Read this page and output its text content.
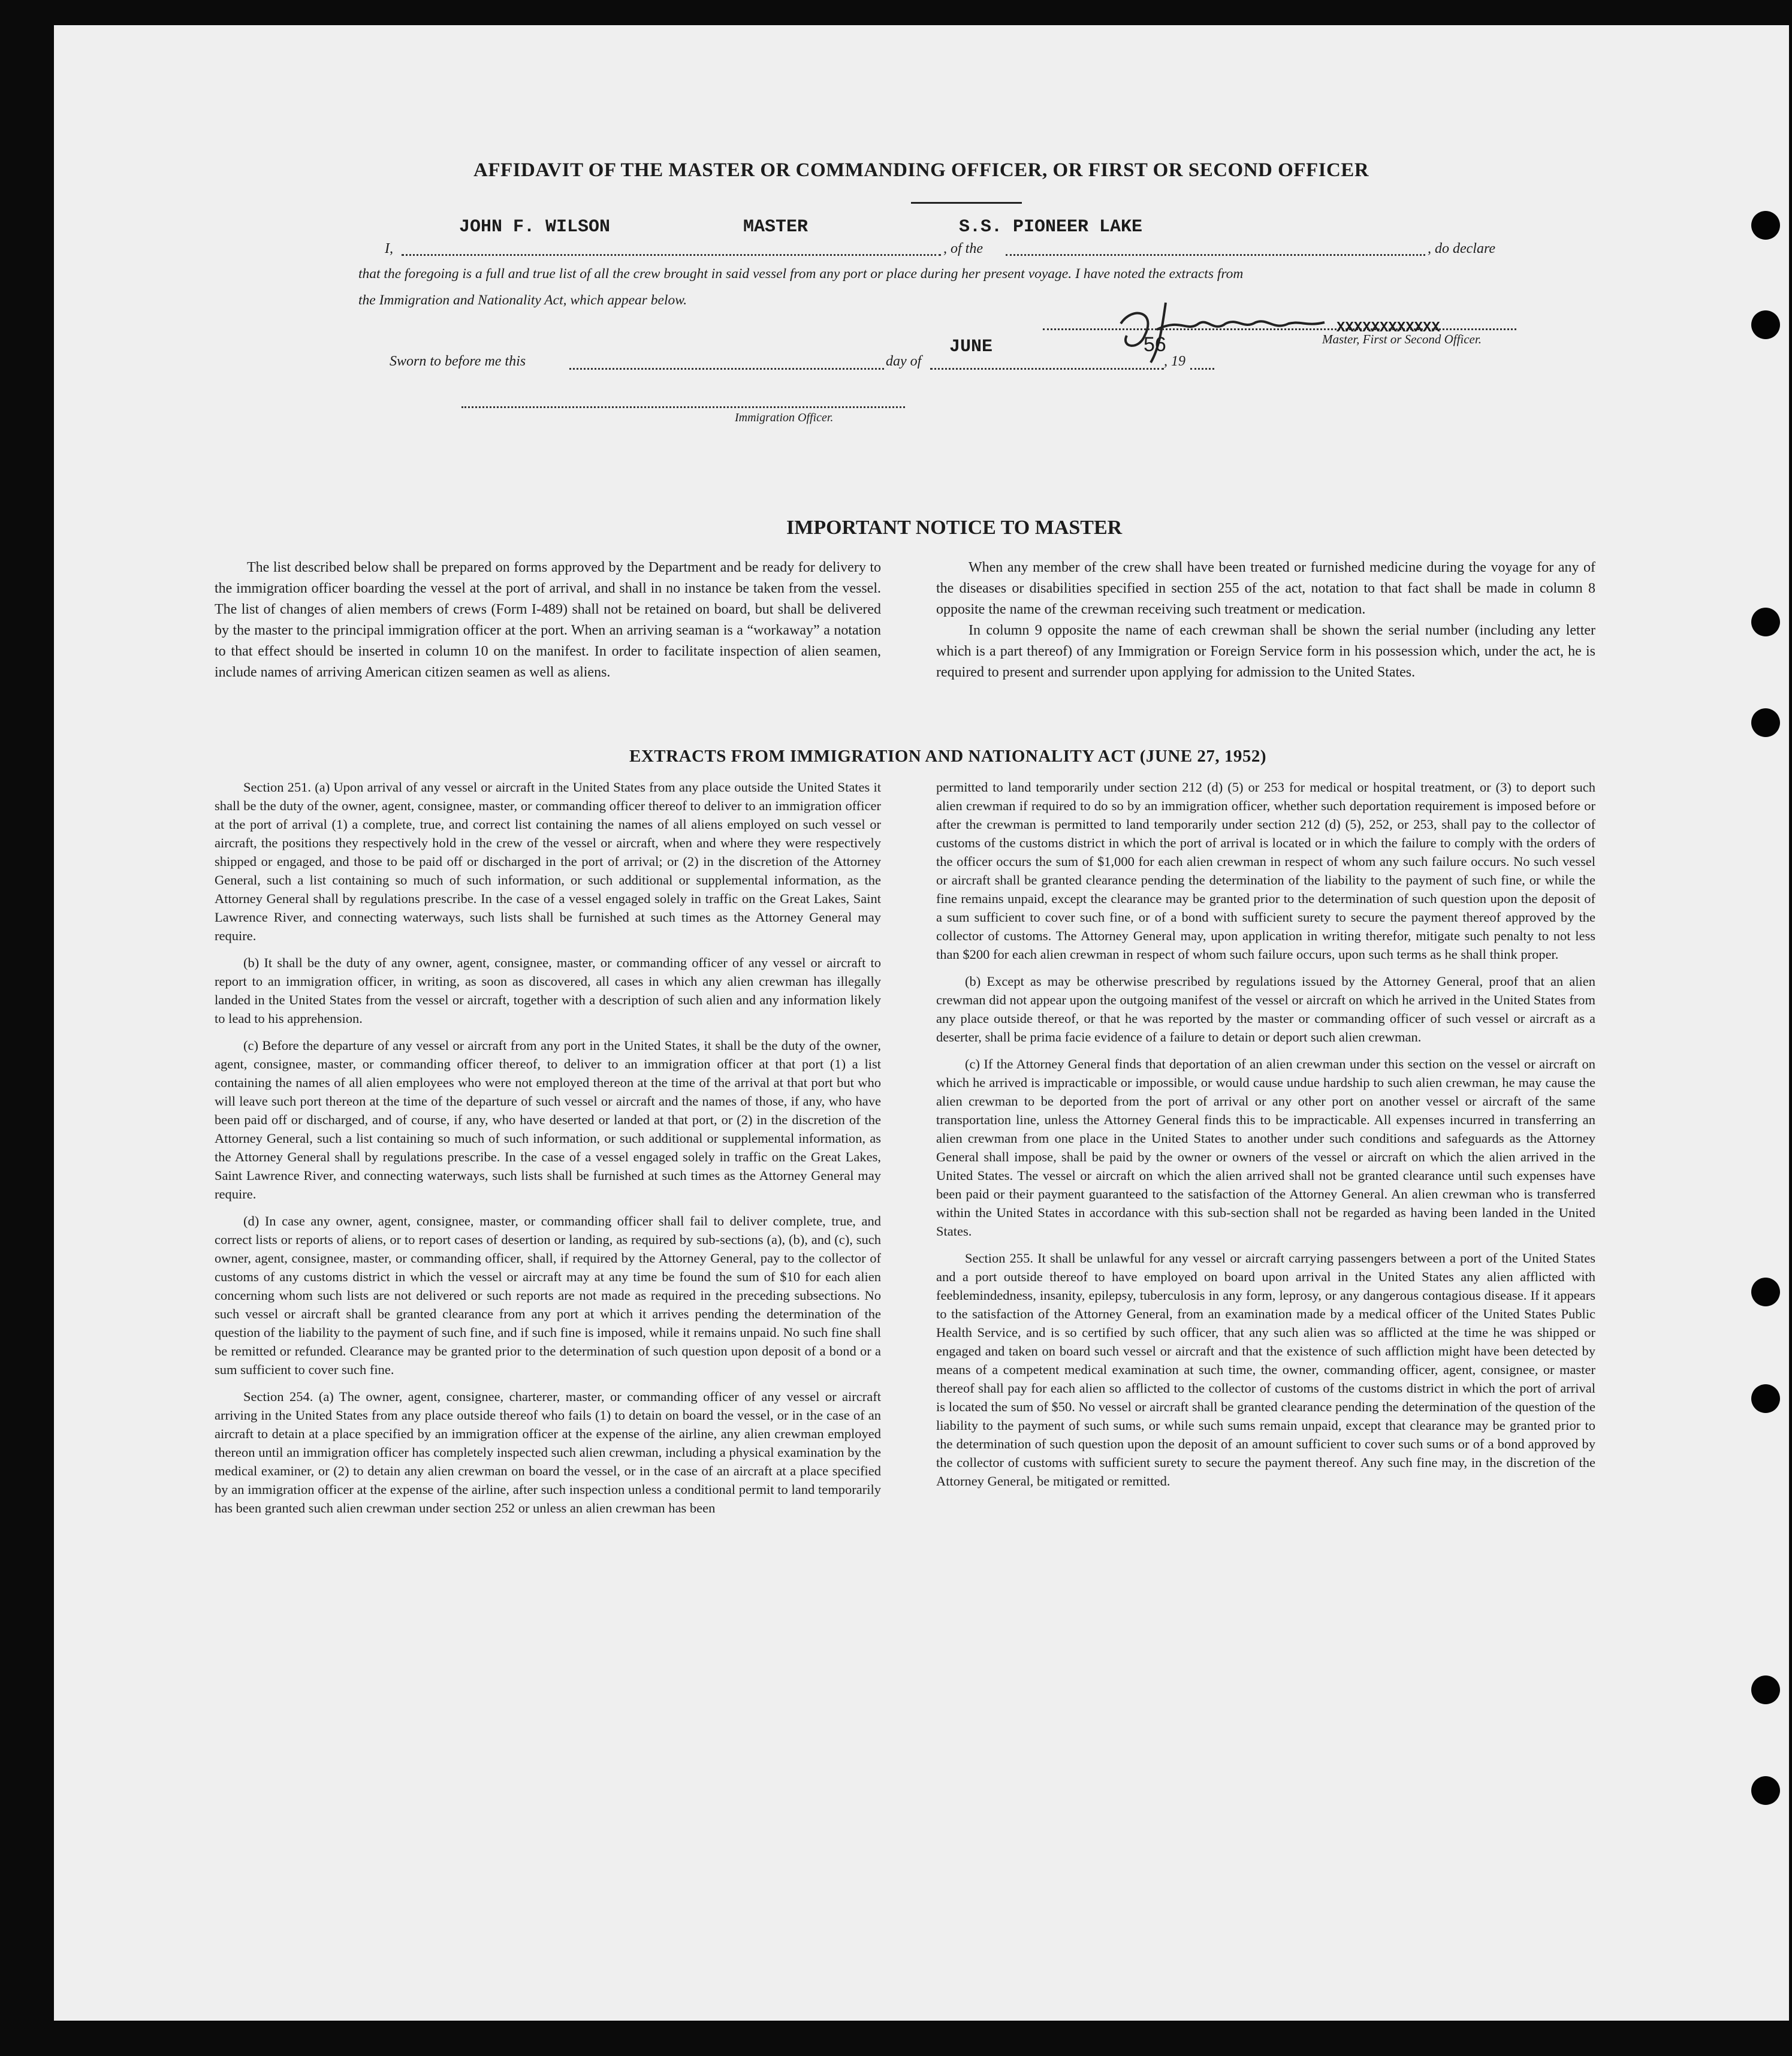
AFFIDAVIT OF THE MASTER OR COMMANDING OFFICER, OR FIRST OR SECOND OFFICER
I,
JOHN F. WILSON	MASTER
, of the
S.S. PIONEER LAKE
, do declare
that the foregoing is a full and true list of all the crew brought in said vessel from any port or place during her present voyage. I have noted the extracts from
the Immigration and Nationality Act, which appear below.
XXXXXXXXXXXX
Master, First or Second Officer.
Sworn to before me this	day of
JUNE
, 19
56
Immigration Officer.
IMPORTANT NOTICE TO MASTER

The list described below shall be prepared on forms approved by the Department and be ready for delivery to the immigration officer boarding the vessel at the port of arrival, and shall in no instance be taken from the vessel. The list of changes of alien members of crews (Form I-489) shall not be retained on board, but shall be delivered by the master to the principal immigration officer at the port. When an arriving seaman is a “workaway” a notation to that effect should be inserted in column 10 on the manifest. In order to facilitate inspection of alien seamen, include names of arriving American citizen seamen as well as aliens.

When any member of the crew shall have been treated or furnished medicine during the voyage for any of the diseases or disabilities specified in section 255 of the act, notation to that fact shall be made in column 8 opposite the name of the crewman receiving such treatment or medication.

In column 9 opposite the name of each crewman shall be shown the serial number (including any letter which is a part thereof) of any Immigration or Foreign Service form in his possession which, under the act, he is required to present and surrender upon applying for admission to the United States.

EXTRACTS FROM IMMIGRATION AND NATIONALITY ACT (JUNE 27, 1952)

Section 251. (a) Upon arrival of any vessel or aircraft in the United States from any place outside the United States it shall be the duty of the owner, agent, consignee, master, or commanding officer thereof to deliver to an immigration officer at the port of arrival (1) a complete, true, and correct list containing the names of all aliens employed on such vessel or aircraft, the positions they respectively hold in the crew of the vessel or aircraft, when and where they were respectively shipped or engaged, and those to be paid off or discharged in the port of arrival; or (2) in the discretion of the Attorney General, such a list containing so much of such information, or such additional or supplemental information, as the Attorney General shall by regulations prescribe. In the case of a vessel engaged solely in traffic on the Great Lakes, Saint Lawrence River, and connecting waterways, such lists shall be furnished at such times as the Attorney General may require.

(b) It shall be the duty of any owner, agent, consignee, master, or commanding officer of any vessel or aircraft to report to an immigration officer, in writing, as soon as discovered, all cases in which any alien crewman has illegally landed in the United States from the vessel or aircraft, together with a description of such alien and any information likely to lead to his apprehension.

(c) Before the departure of any vessel or aircraft from any port in the United States, it shall be the duty of the owner, agent, consignee, master, or commanding officer thereof, to deliver to an immigration officer at that port (1) a list containing the names of all alien employees who were not employed thereon at the time of the arrival at that port but who will leave such port thereon at the time of the departure of such vessel or aircraft and the names of those, if any, who have been paid off or discharged, and of course, if any, who have deserted or landed at that port, or (2) in the discretion of the Attorney General, such a list containing so much of such information, or such additional or supplemental information, as the Attorney General shall by regulations prescribe. In the case of a vessel engaged solely in traffic on the Great Lakes, Saint Lawrence River, and connecting waterways, such lists shall be furnished at such times as the Attorney General may require.

(d) In case any owner, agent, consignee, master, or commanding officer shall fail to deliver complete, true, and correct lists or reports of aliens, or to report cases of desertion or landing, as required by sub-sections (a), (b), and (c), such owner, agent, consignee, master, or commanding officer, shall, if required by the Attorney General, pay to the collector of customs of any customs district in which the vessel or aircraft may at any time be found the sum of $10 for each alien concerning whom such lists are not delivered or such reports are not made as required in the preceding subsections. No such vessel or aircraft shall be granted clearance from any port at which it arrives pending the determination of the question of the liability to the payment of such fine, and if such fine is imposed, while it remains unpaid. No such fine shall be remitted or refunded. Clearance may be granted prior to the determination of such question upon deposit of a bond or a sum sufficient to cover such fine.

Section 254. (a) The owner, agent, consignee, charterer, master, or commanding officer of any vessel or aircraft arriving in the United States from any place outside thereof who fails (1) to detain on board the vessel, or in the case of an aircraft to detain at a place specified by an immigration officer at the expense of the airline, any alien crewman employed thereon until an immigration officer has completely inspected such alien crewman, including a physical examination by the medical examiner, or (2) to detain any alien crewman on board the vessel, or in the case of an aircraft at a place specified by an immigration officer at the expense of the airline, after such inspection unless a conditional permit to land temporarily has been granted such alien crewman under section 252 or unless an alien crewman has been

permitted to land temporarily under section 212 (d) (5) or 253 for medical or hospital treatment, or (3) to deport such alien crewman if required to do so by an immigration officer, whether such deportation requirement is imposed before or after the crewman is permitted to land temporarily under section 212 (d) (5), 252, or 253, shall pay to the collector of customs of the customs district in which the port of arrival is located or in which the failure to comply with the orders of the officer occurs the sum of $1,000 for each alien crewman in respect of whom any such failure occurs. No such vessel or aircraft shall be granted clearance pending the determination of the liability to the payment of such fine, or while the fine remains unpaid, except the clearance may be granted prior to the determination of such question upon the deposit of a sum sufficient to cover such fine, or of a bond with sufficient surety to secure the payment thereof approved by the collector of customs. The Attorney General may, upon application in writing therefor, mitigate such penalty to not less than $200 for each alien crewman in respect of whom such failure occurs, upon such terms as he shall think proper.

(b) Except as may be otherwise prescribed by regulations issued by the Attorney General, proof that an alien crewman did not appear upon the outgoing manifest of the vessel or aircraft on which he arrived in the United States from any place outside thereof, or that he was reported by the master or commanding officer of such vessel or aircraft as a deserter, shall be prima facie evidence of a failure to detain or deport such alien crewman.

(c) If the Attorney General finds that deportation of an alien crewman under this section on the vessel or aircraft on which he arrived is impracticable or impossible, or would cause undue hardship to such alien crewman, he may cause the alien crewman to be deported from the port of arrival or any other port on another vessel or aircraft of the same transportation line, unless the Attorney General finds this to be impracticable. All expenses incurred in transferring an alien crewman from one place in the United States to another under such conditions and safeguards as the Attorney General shall impose, shall be paid by the owner or owners of the vessel or aircraft on which the alien arrived in the United States. The vessel or aircraft on which the alien arrived shall not be granted clearance until such expenses have been paid or their payment guaranteed to the satisfaction of the Attorney General. An alien crewman who is transferred within the United States in accordance with this sub-section shall not be regarded as having been landed in the United States.

Section 255. It shall be unlawful for any vessel or aircraft carrying passengers between a port of the United States and a port outside thereof to have employed on board upon arrival in the United States any alien afflicted with feeblemindedness, insanity, epilepsy, tuberculosis in any form, leprosy, or any dangerous contagious disease. If it appears to the satisfaction of the Attorney General, from an examination made by a medical officer of the United States Public Health Service, and is so certified by such officer, that any such alien was so afflicted at the time he was shipped or engaged and taken on board such vessel or aircraft and that the existence of such affliction might have been detected by means of a competent medical examination at such time, the owner, commanding officer, agent, consignee, or master thereof shall pay for each alien so afflicted to the collector of customs of the customs district in which the port of arrival is located the sum of $50. No vessel or aircraft shall be granted clearance pending the determination of the question of the liability to the payment of such sums, or while such sums remain unpaid, except that clearance may be granted prior to the determination of such question upon the deposit of an amount sufficient to cover such sums or of a bond approved by the collector of customs with sufficient surety to secure the payment thereof. Any such fine may, in the discretion of the Attorney General, be mitigated or remitted.
